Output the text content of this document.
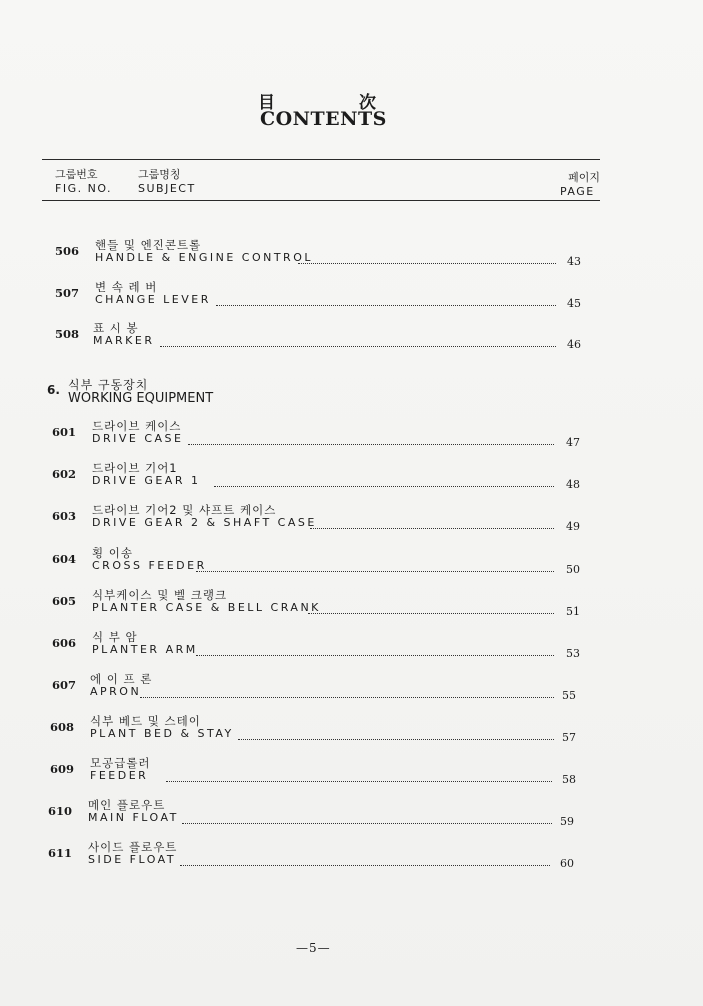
目	次
CONTENTS
그룹번호
FIG. NO.
그룹명칭
SUBJECT
페이지
PAGE
506	핸들 및 엔진콘트롤
HANDLE & ENGINE CONTROL	43
507	변 속 레 버
CHANGE LEVER	45
508	표 시 봉
MARKER	46
6. 식부 구동장치
WORKING EQUIPMENT
601	드라이브 케이스
DRIVE CASE	47
602	드라이브 기어1
DRIVE GEAR 1	48
603	드라이브 기어2 및 샤프트 케이스
DRIVE GEAR 2 & SHAFT CASE	49
604	횡 이송
CROSS FEEDER	50
605	식부케이스 및 벨 크랭크
PLANTER CASE & BELL CRANK	51
606	식 부 암
PLANTER ARM	53
607	에 이 프 론
APRON	55
608	식부 베드 및 스테이
PLANT BED & STAY	57
609	모공급롤러
FEEDER	58
610	메인 플로우트
MAIN FLOAT	59
611	사이드 플로우트
SIDE FLOAT	60
—5—
